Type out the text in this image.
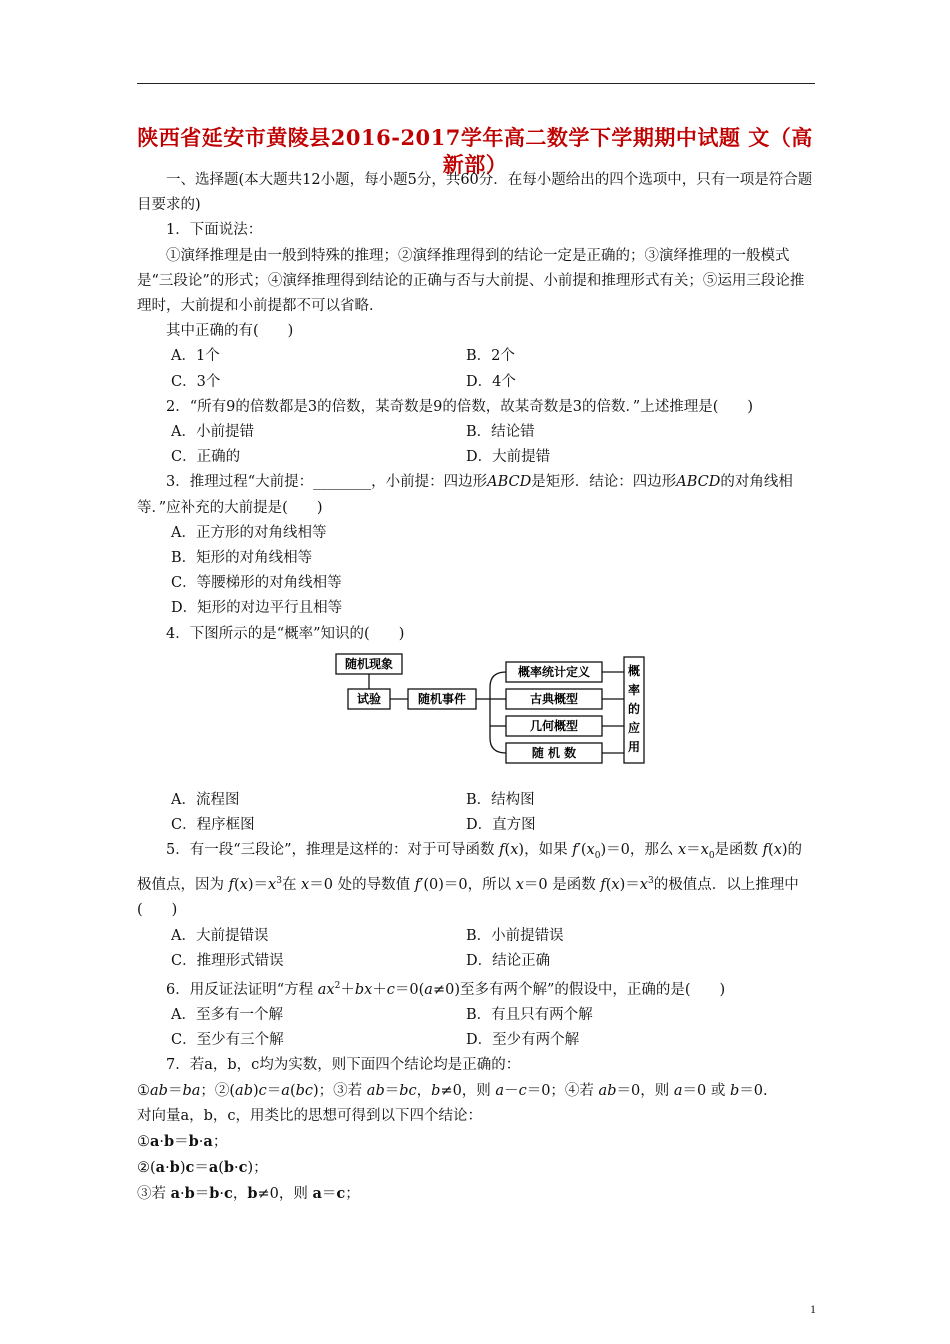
陕西省延安市黄陵县2016-2017学年高二数学下学期期中试题 文（高新部）

一、选择题(本大题共12小题，每小题5分，共60分．在每小题给出的四个选项中，只有一项是符合题目要求的)

1．下面说法：

①演绎推理是由一般到特殊的推理；②演绎推理得到的结论一定是正确的；③演绎推理的一般模式是“三段论”的形式；④演绎推理得到结论的正确与否与大前提、小前提和推理形式有关；⑤运用三段论推理时，大前提和小前提都不可以省略．

其中正确的有(　　)

A．1个	B．2个
C．3个	D．4个

2．“所有9的倍数都是3的倍数，某奇数是9的倍数，故某奇数是3的倍数．”上述推理是(　　)

A．小前提错	B．结论错
C．正确的	D．大前提错

3．推理过程“大前提：________，小前提：四边形ABCD是矩形．结论：四边形ABCD的对角线相等．”应补充的大前提是(　　)

A．正方形的对角线相等
B．矩形的对角线相等
C．等腰梯形的对角线相等
D．矩形的对边平行且相等

4．下图所示的是“概率”知识的(　　)

随机现象
试验	随机事件
概率统计定义
古典概型
几何概型
随 机 数
概
率
的
应
用
A．流程图	B．结构图
C．程序框图	D．直方图

5．有一段“三段论”，推理是这样的：对于可导函数 f(x)，如果 $f'(x_0)=0$，那么 $x=x_0$是函数 f(x)的极值点，因为 $f(x)=x^3$在 x＝0 处的导数值 f′(0)＝0，所以 x＝0 是函数 $f(x)=x^3$的极值点．以上推理中(　　)

A．大前提错误	B．小前提错误
C．推理形式错误	D．结论正确

6．用反证法证明“方程 $ax^2+bx+c=0(a\ne 0)$至多有两个解”的假设中，正确的是(　　)

A．至多有一个解	B．有且只有两个解
C．至少有三个解	D．至少有两个解

7．若a，b，c均为实数，则下面四个结论均是正确的：

①ab＝ba；②(ab)c＝a(bc)；③若 ab＝bc，b≠0，则 a－c＝0；④若 ab＝0，则 a＝0 或 b＝0.

对向量a，b，c，用类比的思想可得到以下四个结论：

①a·b＝b·a；

②(a·b)c＝a(b·c)；

③若 a·b＝b·c，b≠0，则 a＝c；

1
